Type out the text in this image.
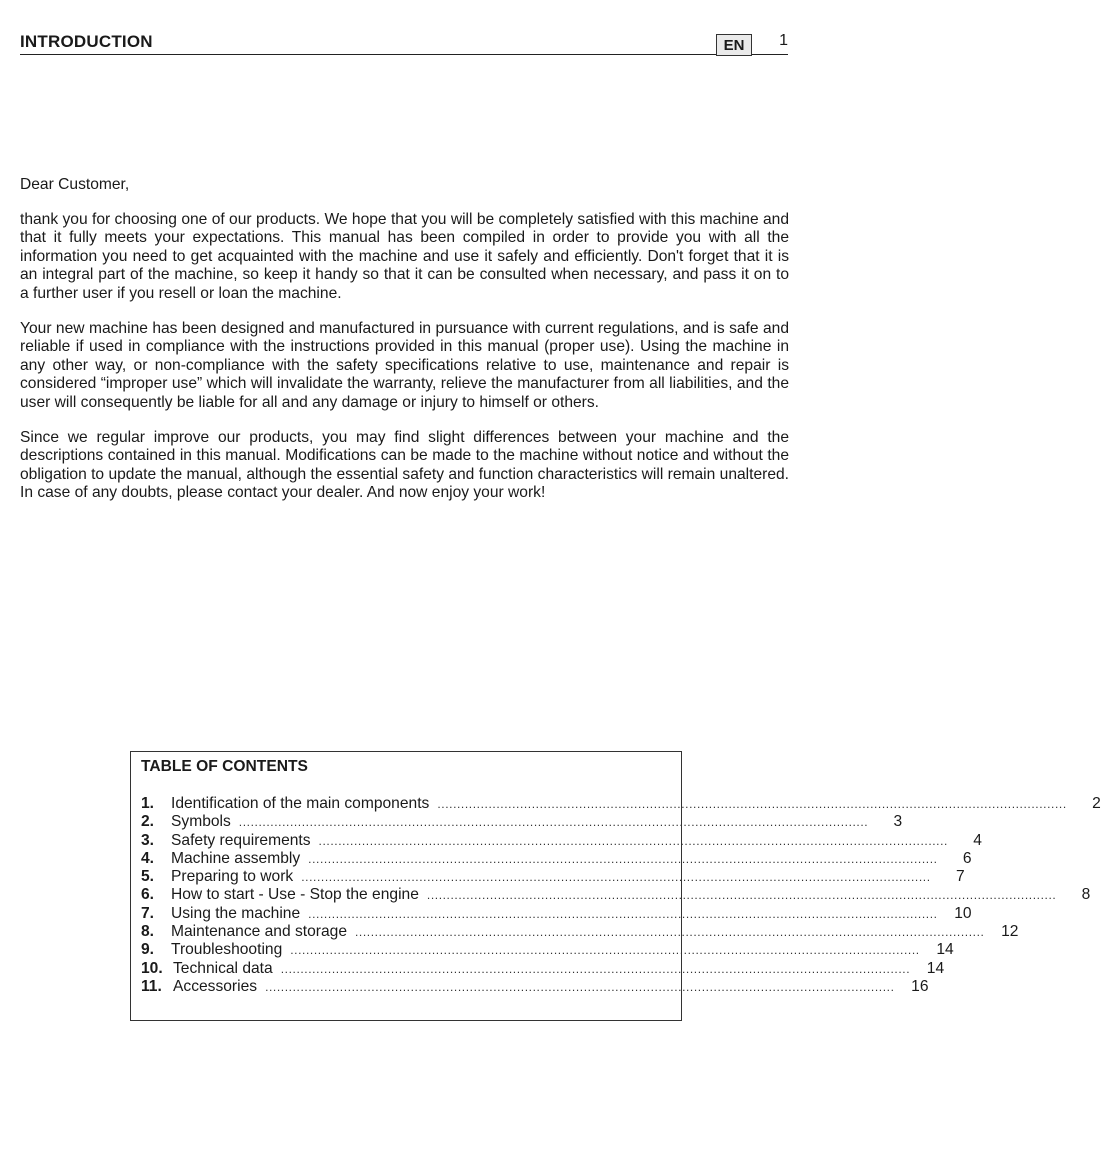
INTRODUCTION	EN	1

Dear Customer,

thank you for choosing one of our products. We hope that you will be completely satisfied with this machine and that it fully meets your expectations. This manual has been compiled in order to provide you with all the information you need to get acquainted with the machine and use it safely and efficiently. Don't forget that it is an integral part of the machine, so keep it handy so that it can be consulted when necessary, and pass it on to a further user if you resell or loan the machine.

Your new machine has been designed and manufactured in pursuance with current regulations, and is safe and reliable if used in compliance with the instructions provided in this manual (proper use). Using the machine in any other way, or non-compliance with the safety specifications relative to use, maintenance and repair is considered “improper use” which will invalidate the warranty, relieve the manufacturer from all liabilities, and the user will consequently be liable for all and any damage or injury to himself or others.

Since we regular improve our products, you may find slight differences between your machine and the descriptions contained in this manual. Modifications can be made to the machine without notice and without the obligation to update the manual, although the essential safety and function characteristics will remain unaltered. In case of any doubts, please contact your dealer. And now enjoy your work!

TABLE OF CONTENTS
1.	Identification of the main components ................................................................................................................................................................	2
2.	Symbols ................................................................................................................................................................	3
3.	Safety requirements ................................................................................................................................................................	4
4.	Machine assembly ................................................................................................................................................................	6
5.	Preparing to work ................................................................................................................................................................	7
6.	How to start - Use - Stop the engine ................................................................................................................................................................	8
7.	Using the machine ................................................................................................................................................................	10
8.	Maintenance and storage ................................................................................................................................................................	12
9.	Troubleshooting ................................................................................................................................................................	14
10. Technical data ................................................................................................................................................................	14
11. Accessories ................................................................................................................................................................	16
